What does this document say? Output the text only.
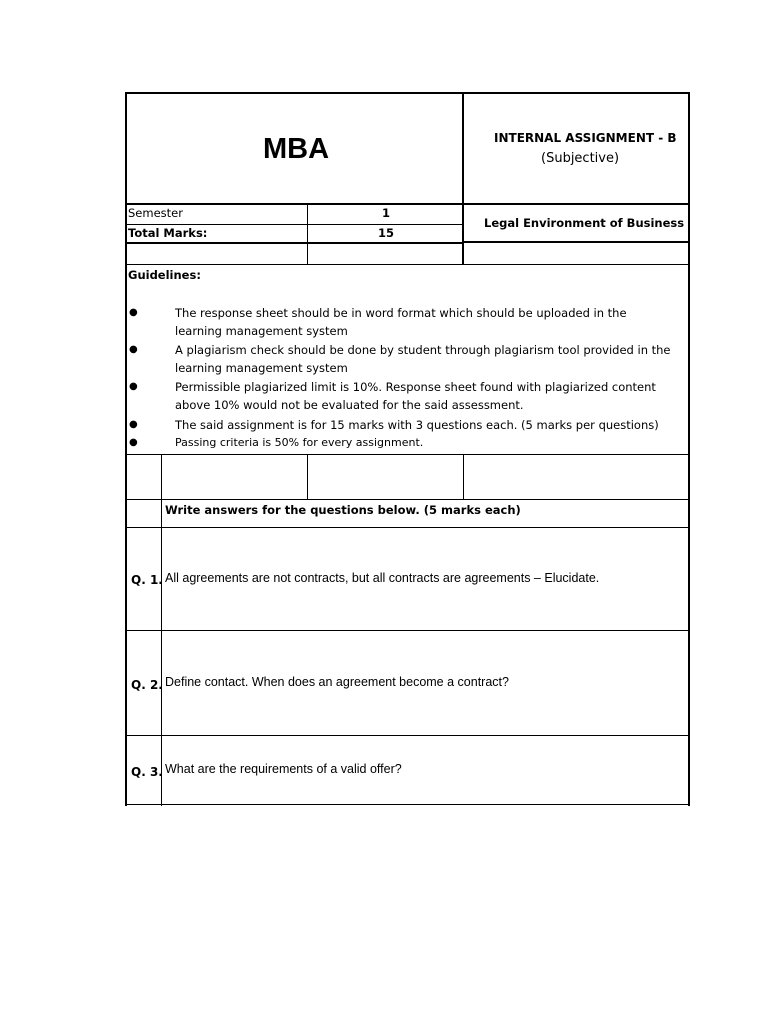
MBA	INTERNAL ASSIGNMENT - B
(Subjective)
Semester	1
Total Marks:	15
Legal Environment of Business
Guidelines:
●	The response sheet should be in word format which should be uploaded in the
learning management system
●	A plagiarism check should be done by student through plagiarism tool provided in the
learning management system
●	Permissible plagiarized limit is 10%. Response sheet found with plagiarized content
above 10% would not be evaluated for the said assessment.
●	The said assignment is for 15 marks with 3 questions each. (5 marks per questions)
●	Passing criteria is 50% for every assignment.
Write answers for the questions below. (5 marks each)
Q. 1. All agreements are not contracts, but all contracts are agreements – Elucidate.
Q. 2. Define contact. When does an agreement become a contract?
Q. 3. What are the requirements of a valid offer?
